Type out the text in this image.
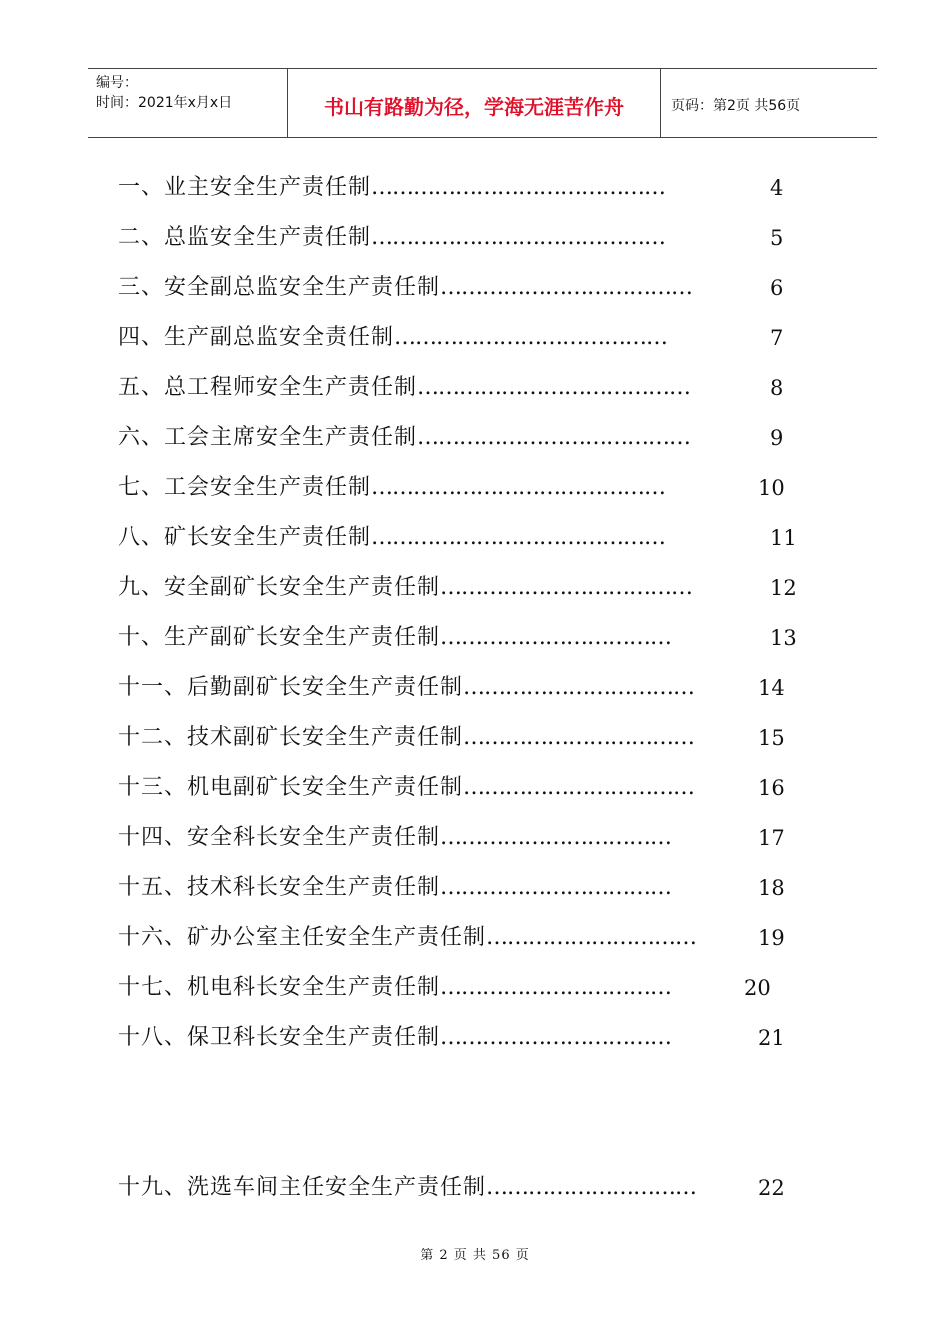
编号：
时间：2021年x月x日	书山有路勤为径，学海无涯苦作舟	页码：第2页 共56页
一、业主安全生产责任制……………………………………	4
二、总监安全生产责任制……………………………………	5
三、安全副总监安全生产责任制………………………………	6
四、生产副总监安全责任制…………………………………	7
五、总工程师安全生产责任制…………………………………	8
六、工会主席安全生产责任制…………………………………	9
七、工会安全生产责任制……………………………………	10
八、矿长安全生产责任制……………………………………	11
九、安全副矿长安全生产责任制………………………………	12
十、生产副矿长安全生产责任制……………………………	13
十一、后勤副矿长安全生产责任制……………………………	14
十二、技术副矿长安全生产责任制……………………………	15
十三、机电副矿长安全生产责任制……………………………	16
十四、安全科长安全生产责任制……………………………	17
十五、技术科长安全生产责任制……………………………	18
十六、矿办公室主任安全生产责任制…………………………	19
十七、机电科长安全生产责任制……………………………	20
十八、保卫科长安全生产责任制……………………………	21
十九、洗选车间主任安全生产责任制…………………………	22
第 2 页 共 56 页
